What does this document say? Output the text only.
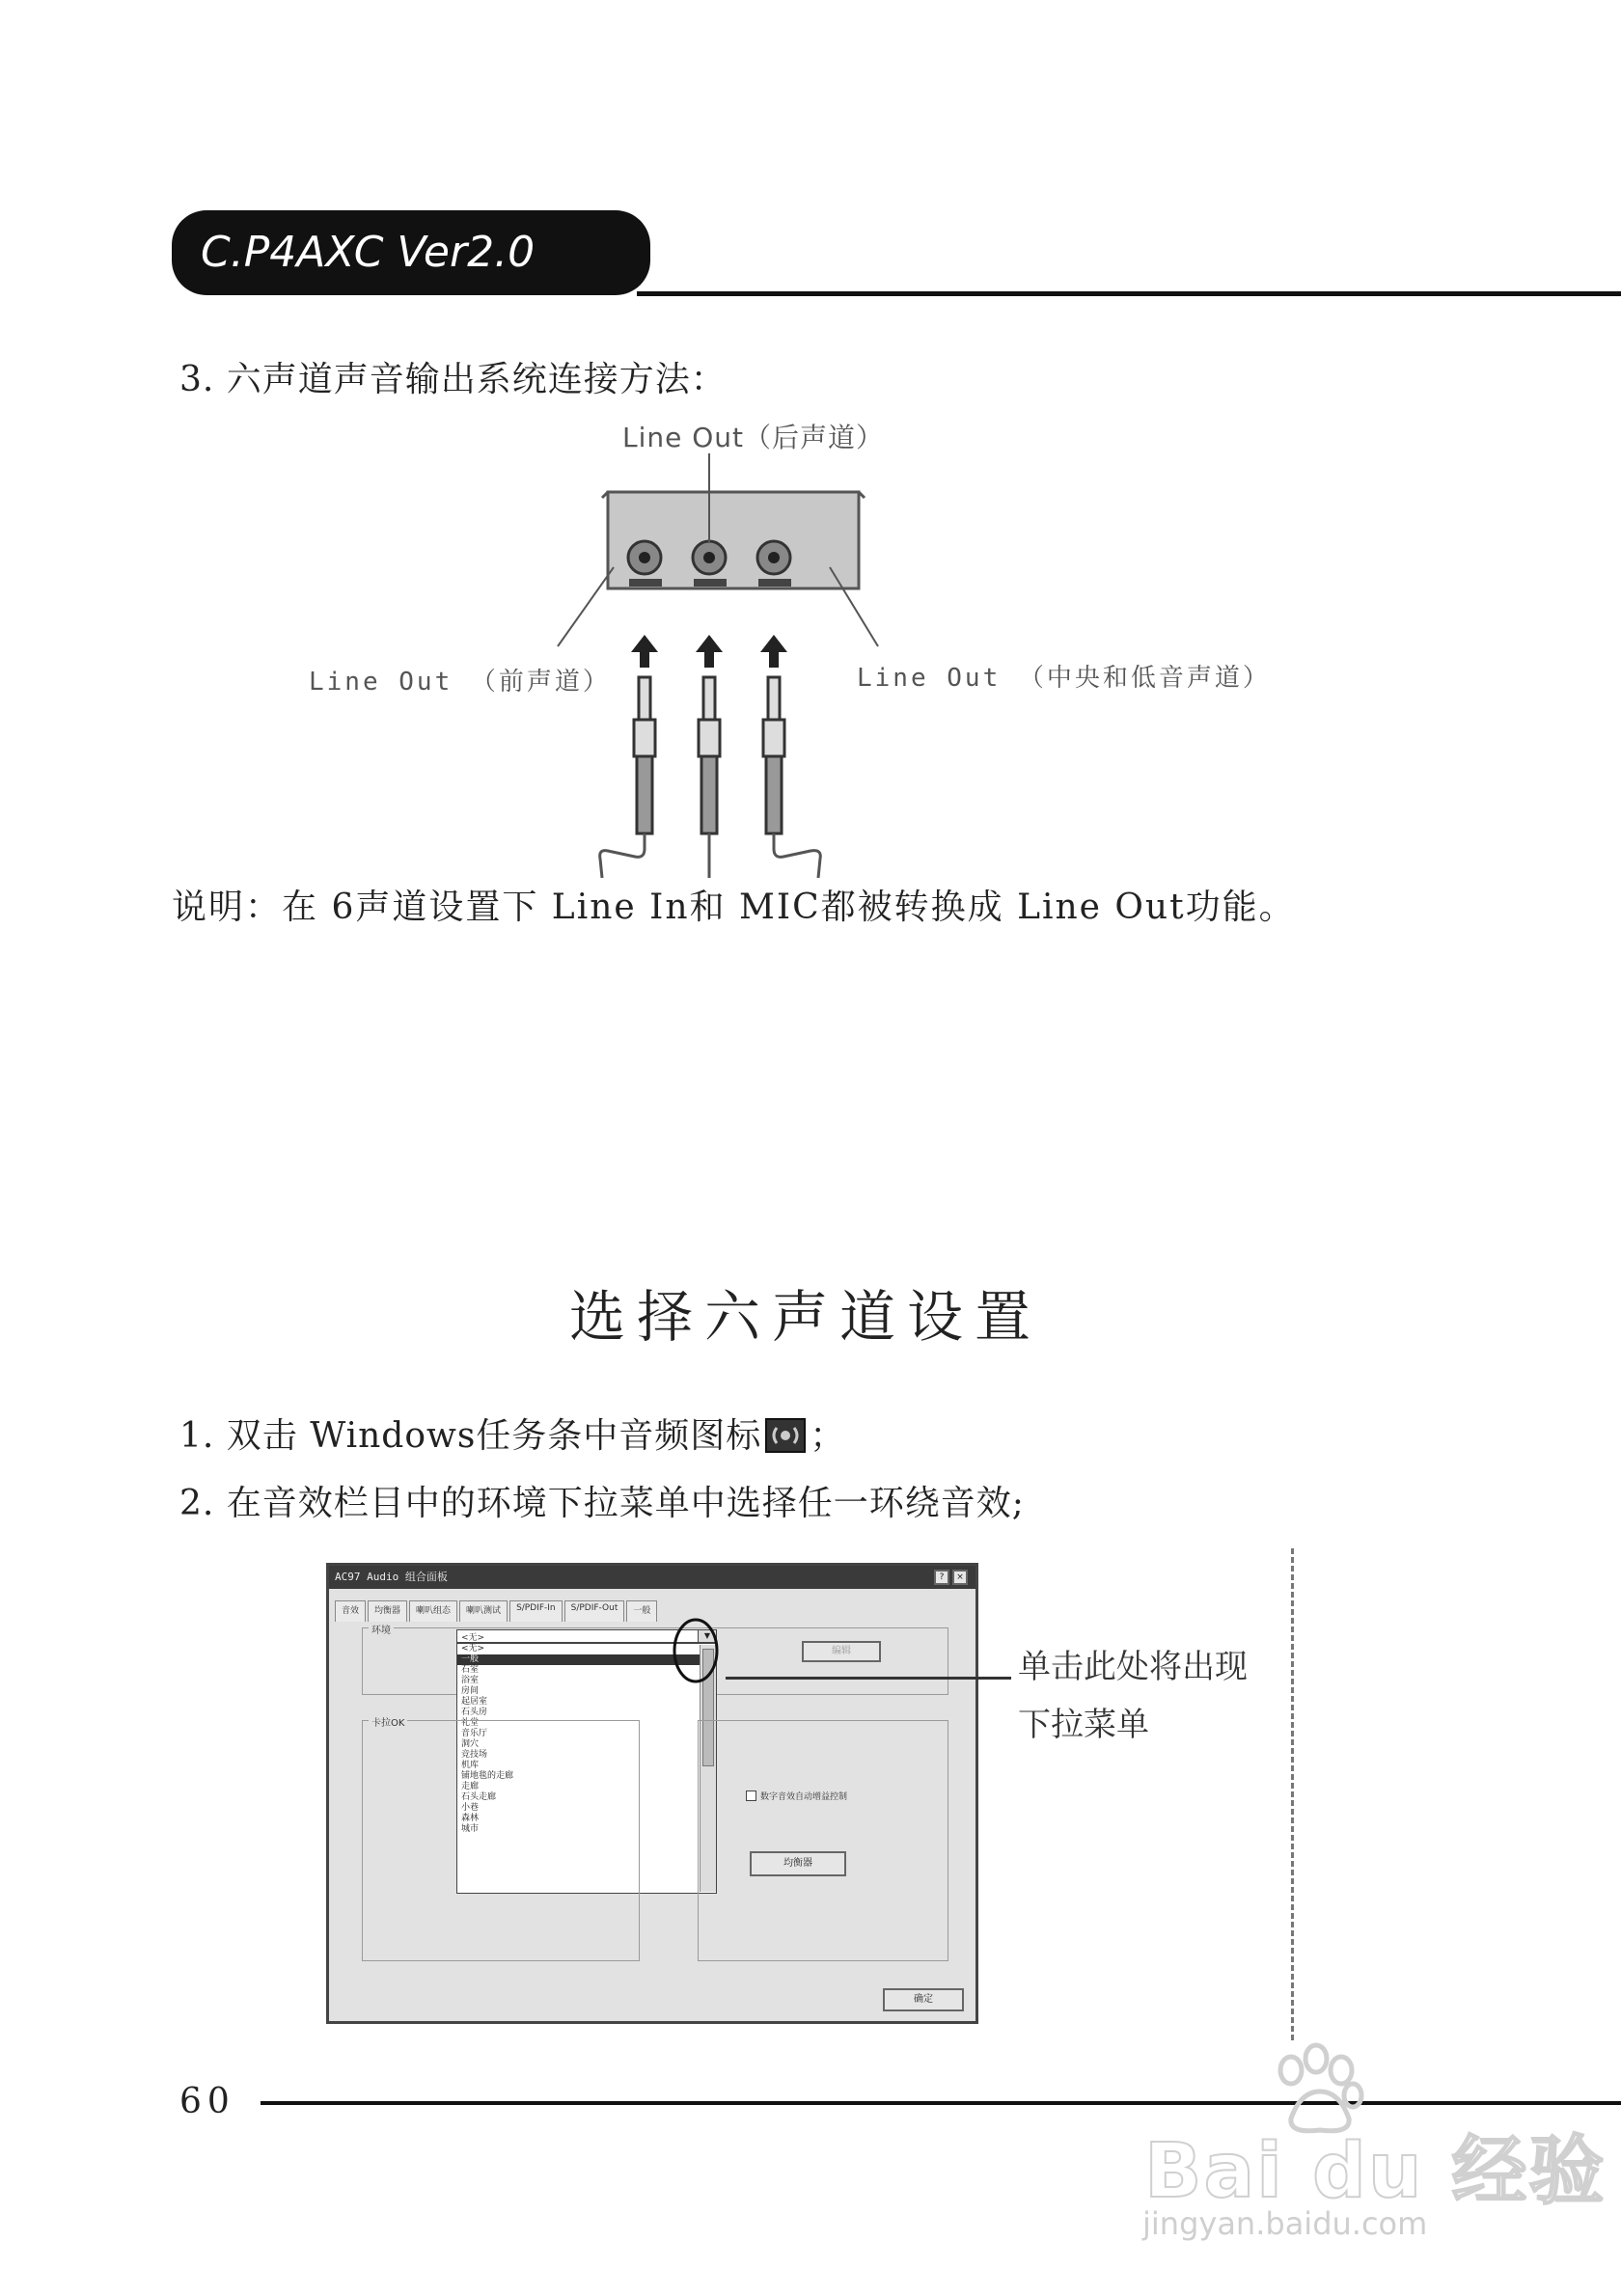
C.P4AXC Ver2.0
3. 六声道声音输出系统连接方法：
Line Out（后声道）
Line Out （前声道）	Line Out （中央和低音声道）
说明：在 6声道设置下 Line In和 MIC都被转换成 Line Out功能。
选择六声道设置
1. 双击 Windows任务条中音频图标 ；
2. 在音效栏目中的环境下拉菜单中选择任一环绕音效;
AC97 Audio 组合面板	?	×
音效	均衡器	喇叭组态	喇叭测试	S/PDIF-In	S/PDIF-Out	一般
环境
<无>	▼
编辑
<无>
一般
石室
浴室
房间
起居室
石头房
礼堂
音乐厅
洞穴
竞技场
机库
铺地毯的走廊
走廊
石头走廊
小巷
森林
城市
卡拉OK
数字音效自动增益控制
均衡器
确定
单击此处将出现
下拉菜单
60
Bai du 经验
jingyan.baidu.com
